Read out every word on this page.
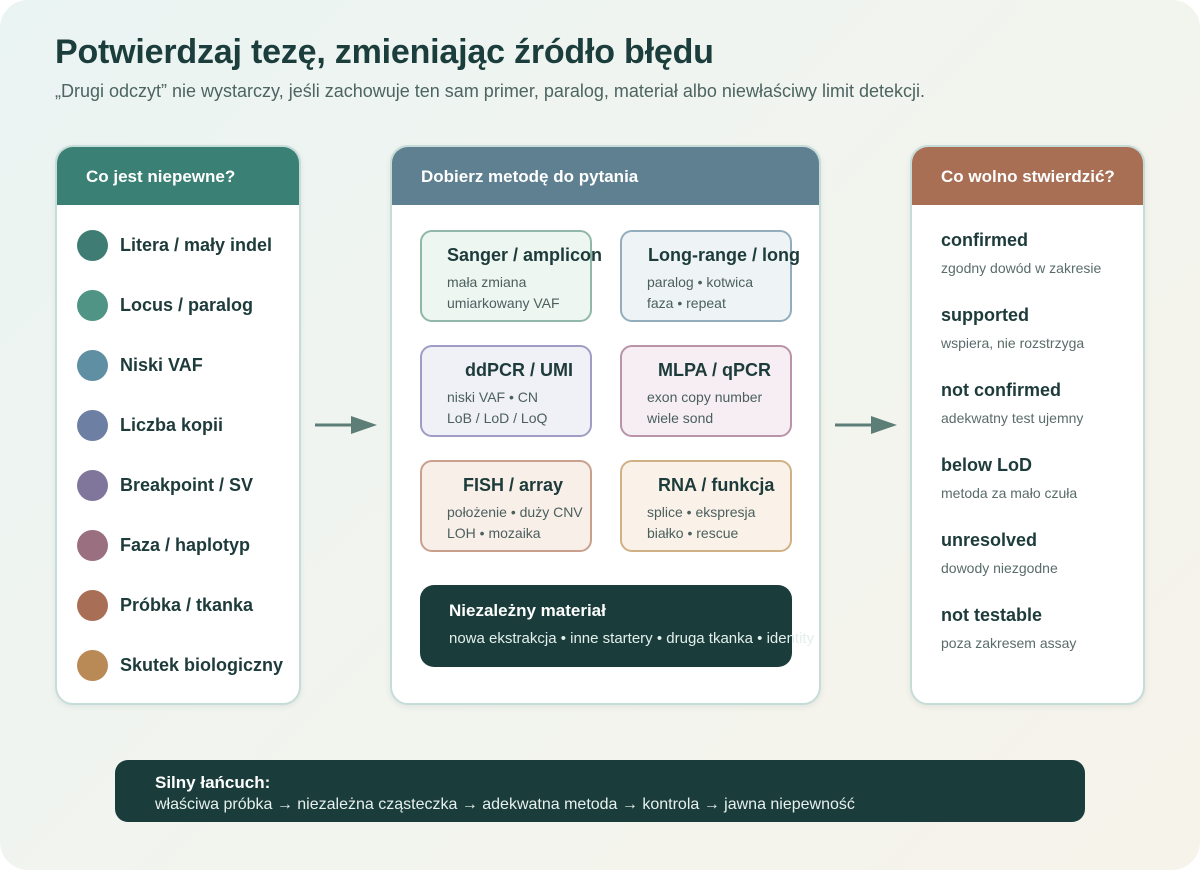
Potwierdzaj tezę, zmieniając źródło błędu
„Drugi odczyt” nie wystarczy, jeśli zachowuje ten sam primer, paralog, materiał albo niewłaściwy limit detekcji.
Co jest niepewne?
Litera / mały indel
Locus / paralog
Niski VAF
Liczba kopii
Breakpoint / SV
Faza / haplotyp
Próbka / tkanka
Skutek biologiczny
Dobierz metodę do pytania
Sanger / amplicon
mała zmiana
umiarkowany VAF
Long-range / long
paralog • kotwica
faza • repeat
ddPCR / UMI
niski VAF • CN
LoB / LoD / LoQ
MLPA / qPCR
exon copy number
wiele sond
FISH / array
położenie • duży CNV
LOH • mozaika
RNA / funkcja
splice • ekspresja
białko • rescue
Niezależny materiał
nowa ekstrakcja • inne startery • druga tkanka • identity
Co wolno stwierdzić?
confirmed
zgodny dowód w zakresie
supported
wspiera, nie rozstrzyga
not confirmed
adekwatny test ujemny
below LoD
metoda za mało czuła
unresolved
dowody niezgodne
not testable
poza zakresem assay
Silny łańcuch:
właściwa próbka → niezależna cząsteczka → adekwatna metoda → kontrola → jawna niepewność
